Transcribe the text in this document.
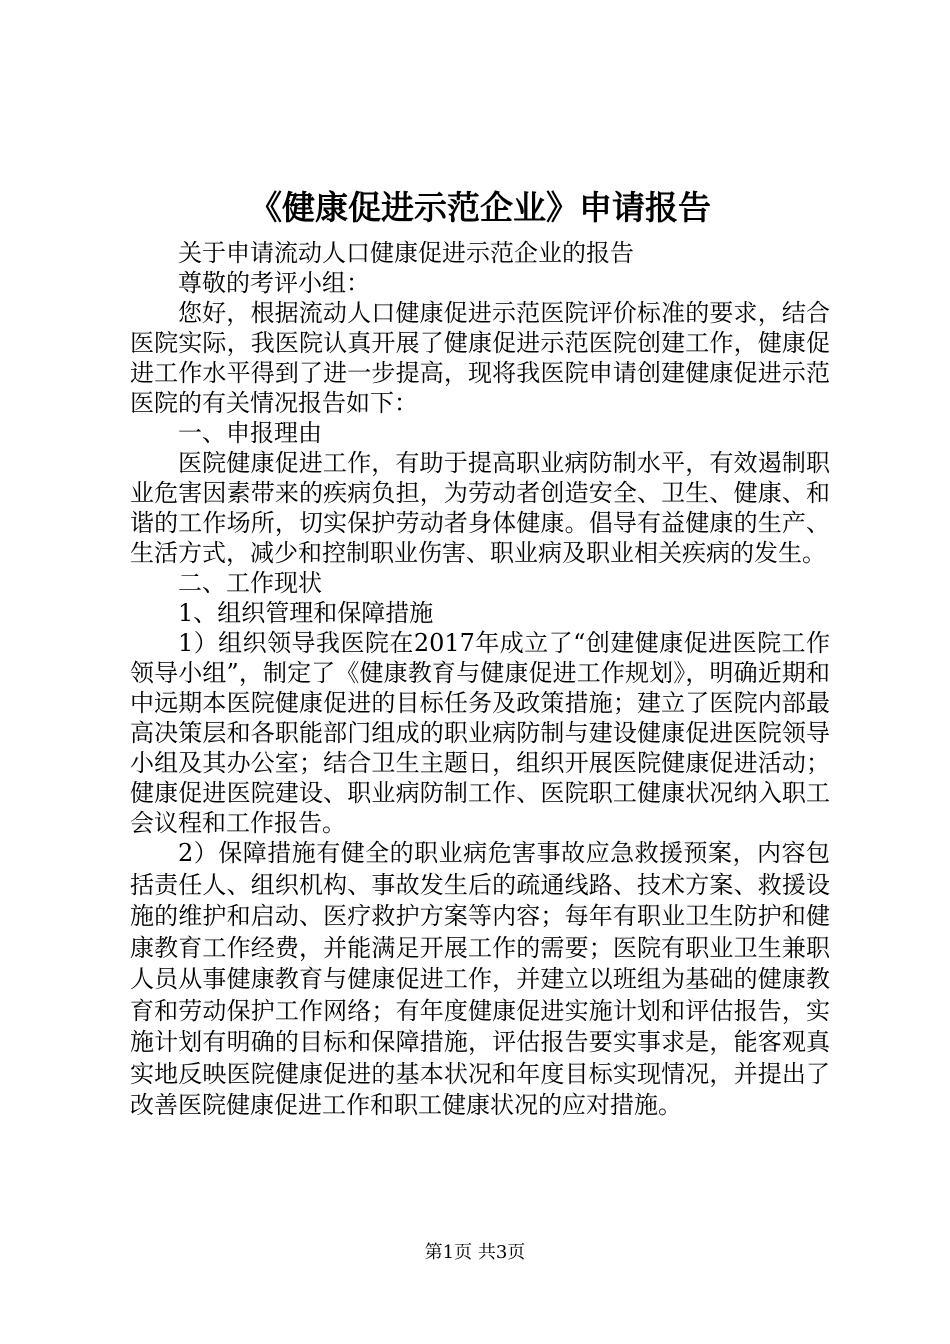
《健康促进示范企业》申请报告

关于申请流动人口健康促进示范企业的报告

尊敬的考评小组：

您好，根据流动人口健康促进示范医院评价标准的要求，结合医院实际，我医院认真开展了健康促进示范医院创建工作，健康促进工作水平得到了进一步提高，现将我医院申请创建健康促进示范医院的有关情况报告如下：

一、申报理由

医院健康促进工作，有助于提高职业病防制水平，有效遏制职业危害因素带来的疾病负担，为劳动者创造安全、卫生、健康、和谐的工作场所，切实保护劳动者身体健康。倡导有益健康的生产、生活方式，减少和控制职业伤害、职业病及职业相关疾病的发生。

二、工作现状

1、组织管理和保障措施

1）组织领导我医院在2017年成立了“创建健康促进医院工作领导小组”，制定了《健康教育与健康促进工作规划》，明确近期和中远期本医院健康促进的目标任务及政策措施；建立了医院内部最高决策层和各职能部门组成的职业病防制与建设健康促进医院领导小组及其办公室；结合卫生主题日，组织开展医院健康促进活动；健康促进医院建设、职业病防制工作、医院职工健康状况纳入职工会议程和工作报告。

2）保障措施有健全的职业病危害事故应急救援预案，内容包括责任人、组织机构、事故发生后的疏通线路、技术方案、救援设施的维护和启动、医疗救护方案等内容；每年有职业卫生防护和健康教育工作经费，并能满足开展工作的需要；医院有职业卫生兼职人员从事健康教育与健康促进工作，并建立以班组为基础的健康教育和劳动保护工作网络；有年度健康促进实施计划和评估报告，实施计划有明确的目标和保障措施，评估报告要实事求是，能客观真实地反映医院健康促进的基本状况和年度目标实现情况，并提出了改善医院健康促进工作和职工健康状况的应对措施。

第1页 共3页
